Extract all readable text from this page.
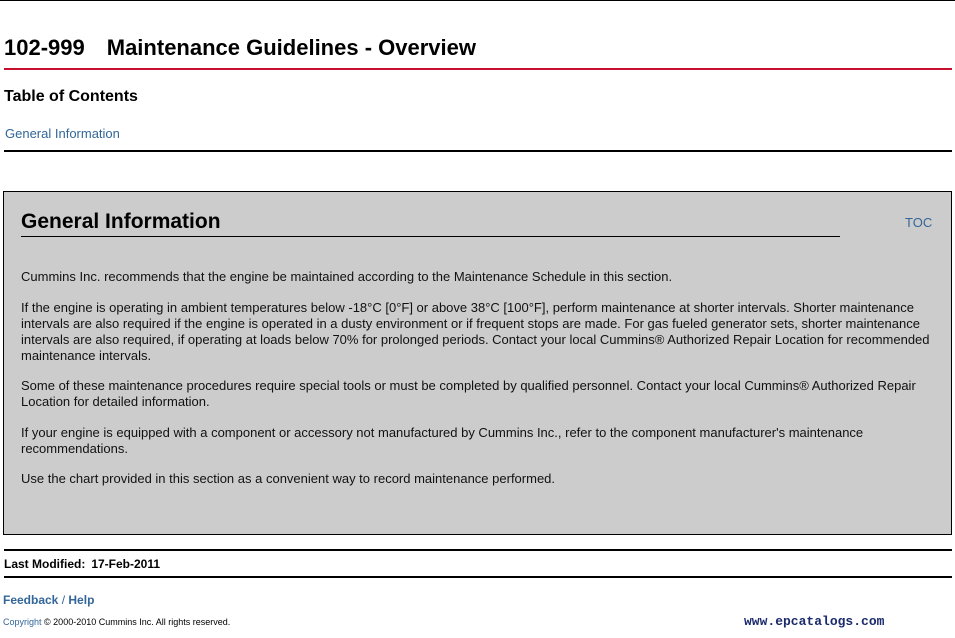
102-999 Maintenance Guidelines - Overview
Table of Contents
General Information
General Information	TOC

Cummins Inc. recommends that the engine be maintained according to the Maintenance Schedule in this section.

If the engine is operating in ambient temperatures below -18°C [0°F] or above 38°C [100°F], perform maintenance at shorter intervals. Shorter maintenance intervals are also required if the engine is operated in a dusty environment or if frequent stops are made. For gas fueled generator sets, shorter maintenance intervals are also required, if operating at loads below 70% for prolonged periods. Contact your local Cummins® Authorized Repair Location for recommended maintenance intervals.

Some of these maintenance procedures require special tools or must be completed by qualified personnel. Contact your local Cummins® Authorized Repair Location for detailed information.

If your engine is equipped with a component or accessory not manufactured by Cummins Inc., refer to the component manufacturer's maintenance recommendations.

Use the chart provided in this section as a convenient way to record maintenance performed.

Last Modified: 17-Feb-2011
Feedback / Help
Copyright © 2000-2010 Cummins Inc. All rights reserved.	www.epcatalogs.com
